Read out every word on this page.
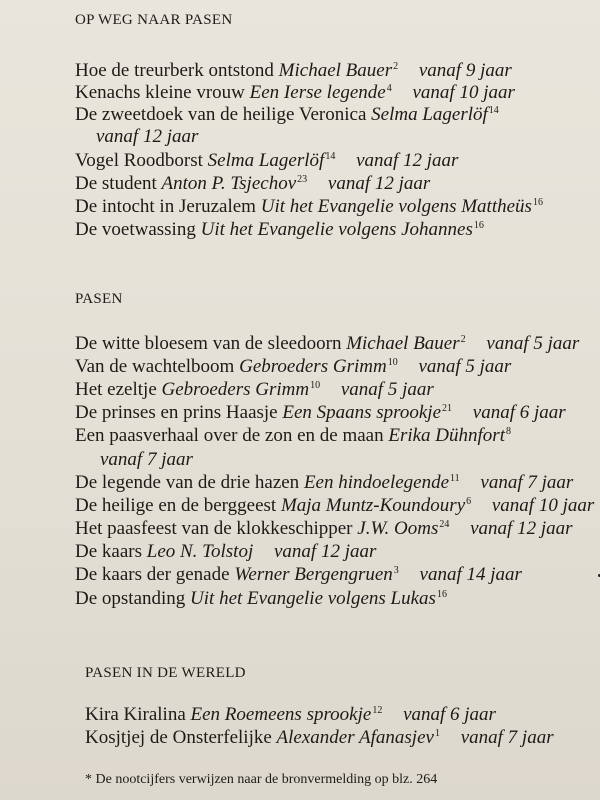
OP WEG NAAR PASEN
Hoe de treurberk ontstond Michael Bauer$^2$ vanaf 9 jaar
Kenachs kleine vrouw Een Ierse legende$^4$ vanaf 10 jaar
De zweetdoek van de heilige Veronica Selma Lagerlöf$^{14}$
vanaf 12 jaar
Vogel Roodborst Selma Lagerlöf$^{14}$ vanaf 12 jaar
De student Anton P. Tsjechov$^{23}$ vanaf 12 jaar
De intocht in Jeruzalem Uit het Evangelie volgens Mattheüs$^{16}$
De voetwassing Uit het Evangelie volgens Johannes$^{16}$
PASEN
De witte bloesem van de sleedoorn Michael Bauer$^2$ vanaf 5 jaar
Van de wachtelboom Gebroeders Grimm$^{10}$ vanaf 5 jaar
Het ezeltje Gebroeders Grimm$^{10}$ vanaf 5 jaar
De prinses en prins Haasje Een Spaans sprookje$^{21}$ vanaf 6 jaar
Een paasverhaal over de zon en de maan Erika Dühnfort$^8$
vanaf 7 jaar
De legende van de drie hazen Een hindoelegende$^{11}$ vanaf 7 jaar
De heilige en de berggeest Maja Muntz-Koundoury$^6$ vanaf 10 jaar
Het paasfeest van de klokkeschipper J.W. Ooms$^{24}$ vanaf 12 jaar
De kaars Leo N. Tolstoj vanaf 12 jaar
De kaars der genade Werner Bergengruen$^3$ vanaf 14 jaar
De opstanding Uit het Evangelie volgens Lukas$^{16}$
PASEN IN DE WERELD
Kira Kiralina Een Roemeens sprookje$^{12}$ vanaf 6 jaar
Kosjtjej de Onsterfelijke Alexander Afanasjev$^1$ vanaf 7 jaar
* De nootcijfers verwijzen naar de bronvermelding op blz. 264
